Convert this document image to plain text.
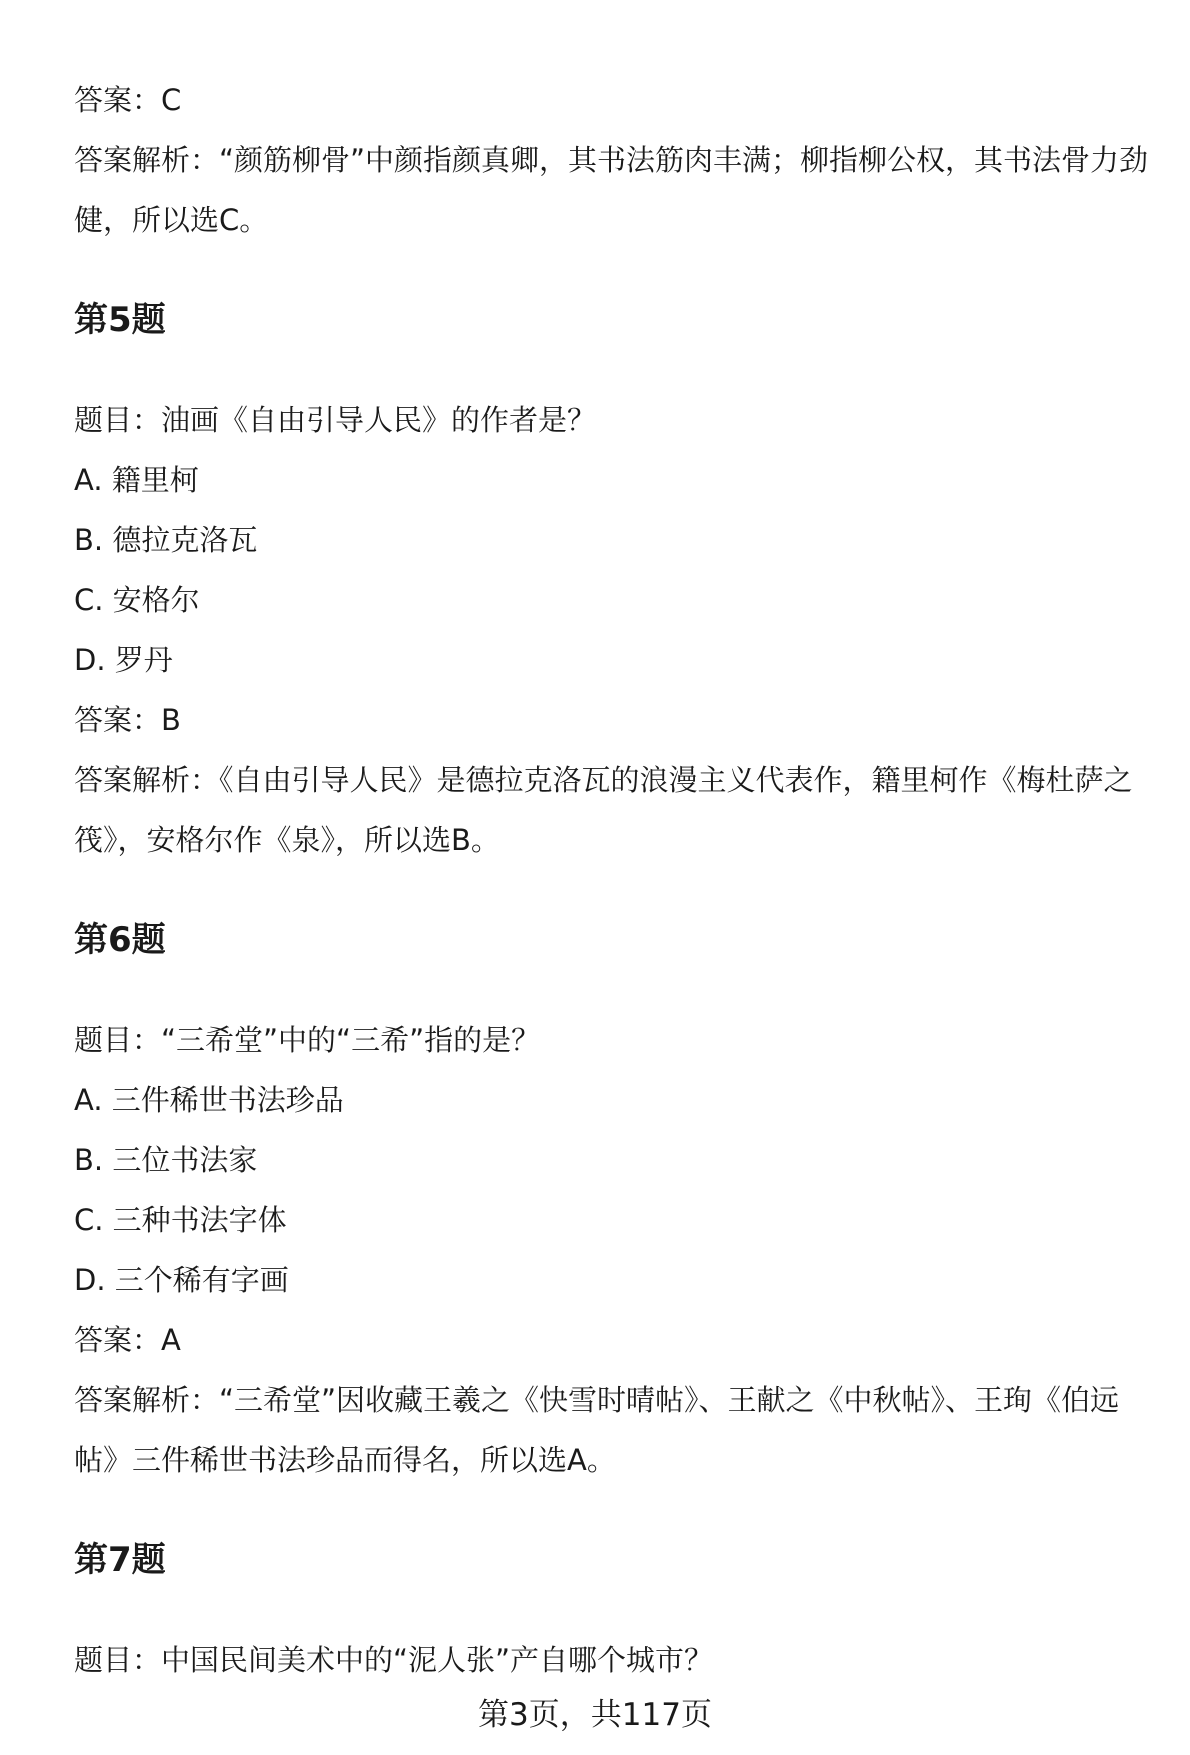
答案：C
答案解析：“颜筋柳骨”中颜指颜真卿，其书法筋肉丰满；柳指柳公权，其书法骨力劲健，所以选C。
第5题
题目：油画《自由引导人民》的作者是？
A. 籍里柯
B. 德拉克洛瓦
C. 安格尔
D. 罗丹
答案：B
答案解析：《自由引导人民》是德拉克洛瓦的浪漫主义代表作，籍里柯作《梅杜萨之筏》，安格尔作《泉》，所以选B。
第6题
题目：“三希堂”中的“三希”指的是？
A. 三件稀世书法珍品
B. 三位书法家
C. 三种书法字体
D. 三个稀有字画
答案：A
答案解析：“三希堂”因收藏王羲之《快雪时晴帖》、王献之《中秋帖》、王珣《伯远帖》三件稀世书法珍品而得名，所以选A。
第7题
题目：中国民间美术中的“泥人张”产自哪个城市？
第3页，共117页
